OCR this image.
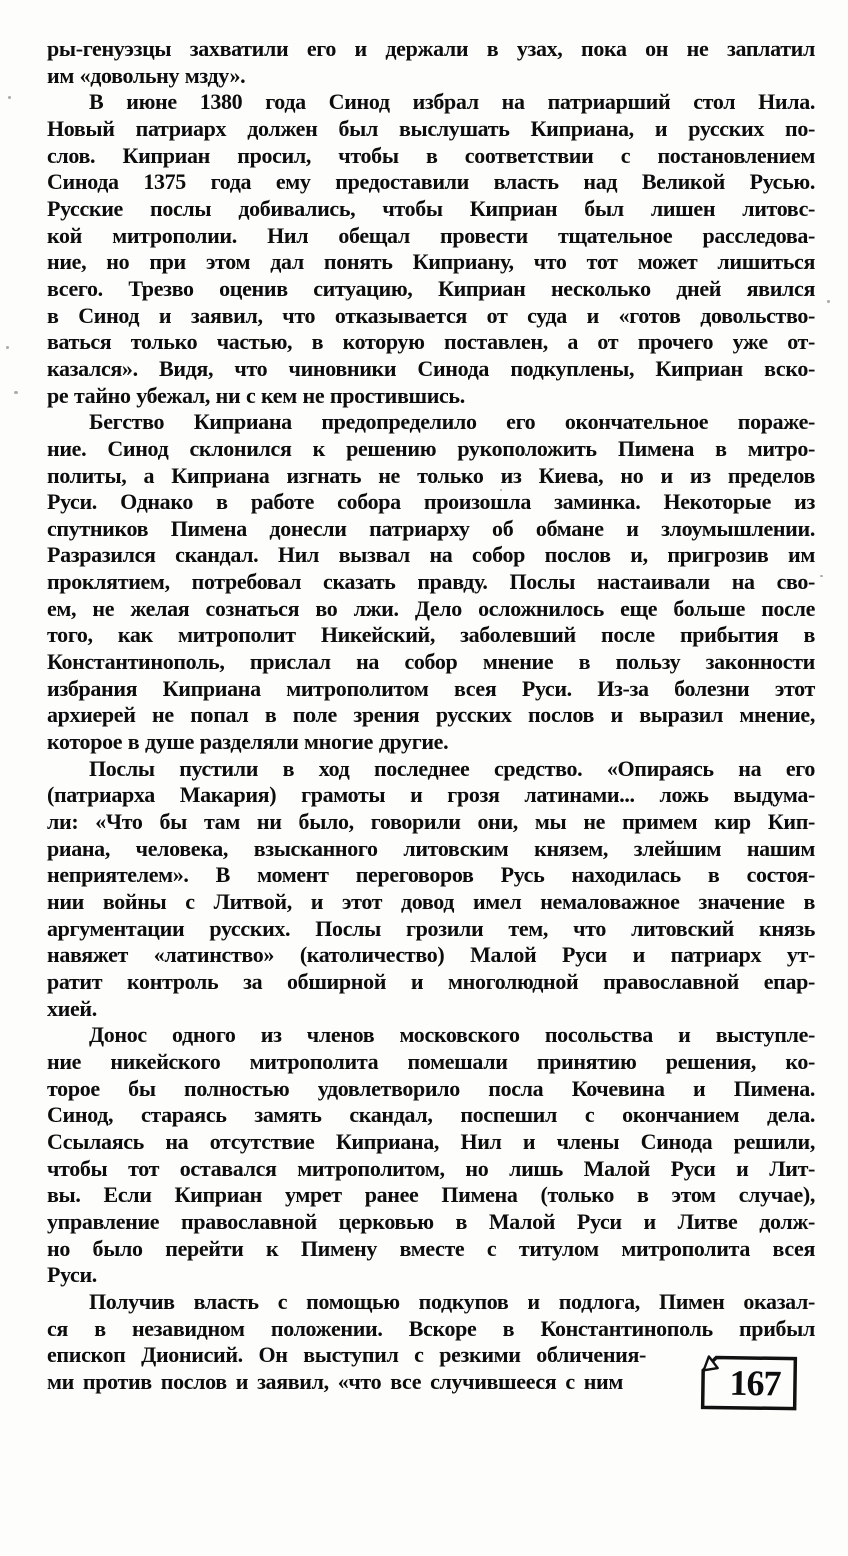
ры-генуэзцы захватили его и держали в узах, пока он не заплатил
им «довольну мзду».
В июне 1380 года Синод избрал на патриарший стол Нила.
Новый патриарх должен был выслушать Киприана, и русских по-
слов. Киприан просил, чтобы в соответствии с постановлением
Синода 1375 года ему предоставили власть над Великой Русью.
Русские послы добивались, чтобы Киприан был лишен литовс-
кой митрополии. Нил обещал провести тщательное расследова-
ние, но при этом дал понять Киприану, что тот может лишиться
всего. Трезво оценив ситуацию, Киприан несколько дней явился
в Синод и заявил, что отказывается от суда и «готов довольство-
ваться только частью, в которую поставлен, а от прочего уже от-
казался». Видя, что чиновники Синода подкуплены, Киприан вско-
ре тайно убежал, ни с кем не простившись.
Бегство Киприана предопределило его окончательное пораже-
ние. Синод склонился к решению рукоположить Пимена в митро-
политы, а Киприана изгнать не только из Киева, но и из пределов
Руси. Однако в работе собора произошла заминка. Некоторые из
спутников Пимена донесли патриарху об обмане и злоумышлении.
Разразился скандал. Нил вызвал на собор послов и, пригрозив им
проклятием, потребовал сказать правду. Послы настаивали на сво-
ем, не желая сознаться во лжи. Дело осложнилось еще больше после
того, как митрополит Никейский, заболевший после прибытия в
Константинополь, прислал на собор мнение в пользу законности
избрания Киприана митрополитом всея Руси. Из-за болезни этот
архиерей не попал в поле зрения русских послов и выразил мнение,
которое в душе разделяли многие другие.
Послы пустили в ход последнее средство. «Опираясь на его
(патриарха Макария) грамоты и грозя латинами... ложь выдума-
ли: «Что бы там ни было, говорили они, мы не примем кир Кип-
риана, человека, взысканного литовским князем, злейшим нашим
неприятелем». В момент переговоров Русь находилась в состоя-
нии войны с Литвой, и этот довод имел немаловажное значение в
аргументации русских. Послы грозили тем, что литовский князь
навяжет «латинство» (католичество) Малой Руси и патриарх ут-
ратит контроль за обширной и многолюдной православной епар-
хией.
Донос одного из членов московского посольства и выступле-
ние никейского митрополита помешали принятию решения, ко-
торое бы полностью удовлетворило посла Кочевина и Пимена.
Синод, стараясь замять скандал, поспешил с окончанием дела.
Ссылаясь на отсутствие Киприана, Нил и члены Синода решили,
чтобы тот оставался митрополитом, но лишь Малой Руси и Лит-
вы. Если Киприан умрет ранее Пимена (только в этом случае),
управление православной церковью в Малой Руси и Литве долж-
но было перейти к Пимену вместе с титулом митрополита всея
Руси.
Получив власть с помощью подкупов и подлога, Пимен оказал-
ся в незавидном положении. Вскоре в Константинополь прибыл
епископ Дионисий. Он выступил с резкими обличения-
ми против послов и заявил, «что все случившееся с ним	167
